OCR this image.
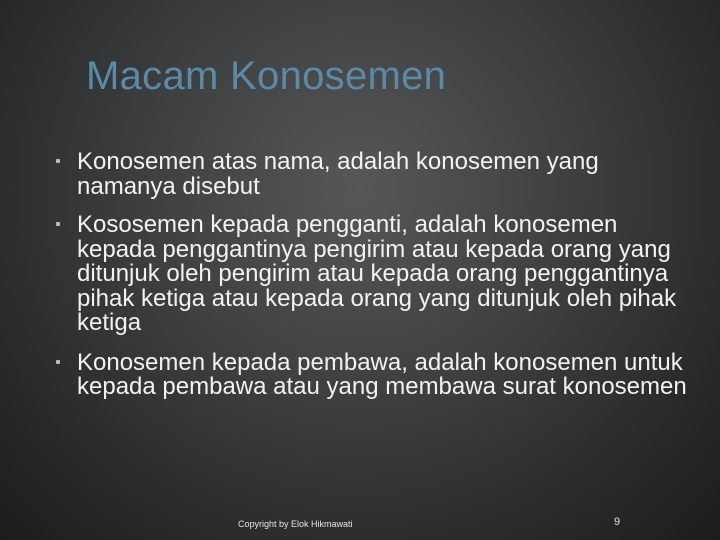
Macam Konosemen
Konosemen atas nama, adalah konosemen yang namanya disebut
Kososemen kepada pengganti, adalah konosemen kepada penggantinya pengirim atau kepada orang yang ditunjuk oleh pengirim atau kepada orang penggantinya pihak ketiga atau kepada orang yang ditunjuk oleh pihak ketiga
Konosemen kepada pembawa, adalah konosemen untuk kepada pembawa atau yang membawa surat konosemen
Copyright by Elok Hikmawati	9
